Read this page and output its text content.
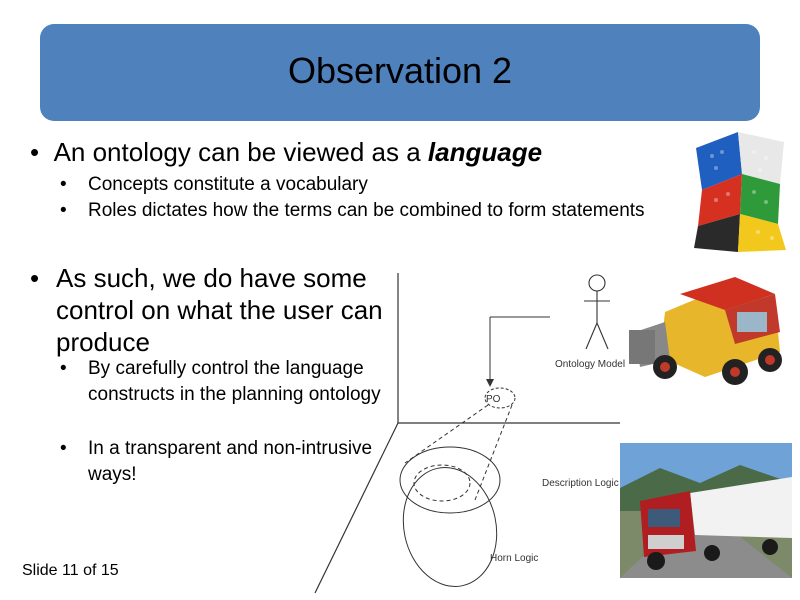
Observation 2
•  An ontology can be viewed as a language
•	Concepts constitute a vocabulary
•	Roles dictates how the terms can be combined to form statements
• As such, we do have some control on what the user can produce
•	By carefully control the language constructs in the planning ontology
•	In a transparent and non-intrusive ways!
Ontology Model
PO
Description Logic
Horn Logic
Slide 11 of 15
